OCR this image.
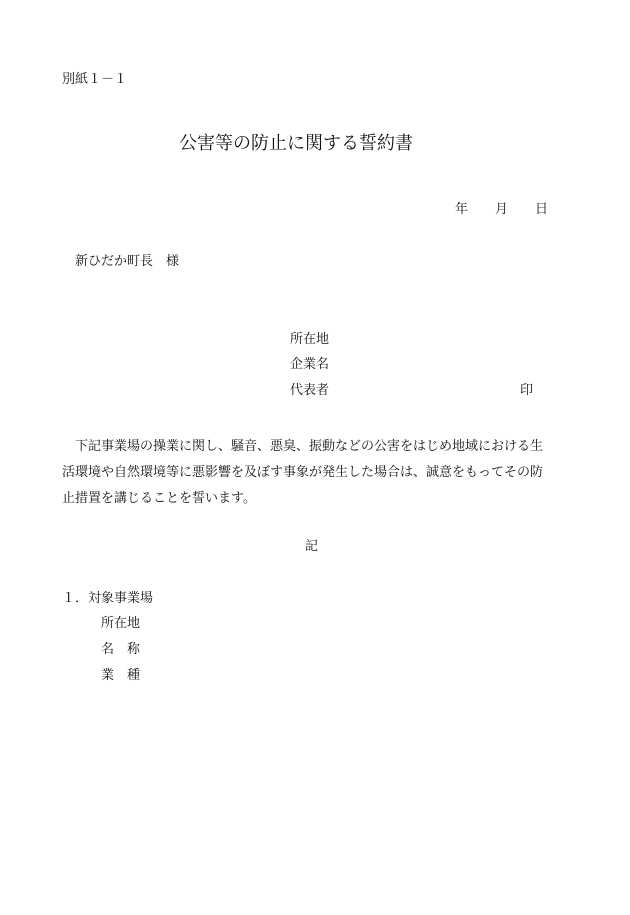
別紙１－１
公害等の防止に関する誓約書
年 月 日
新ひだか町長　様
所在地
企業名
代表者	印
　下記事業場の操業に関し、騒音、悪臭、振動などの公害をはじめ地域における生
活環境や自然環境等に悪影響を及ぼす事象が発生した場合は、誠意をもってその防
止措置を講じることを誓います。
記
１．対象事業場
所在地
名　称
業　種
